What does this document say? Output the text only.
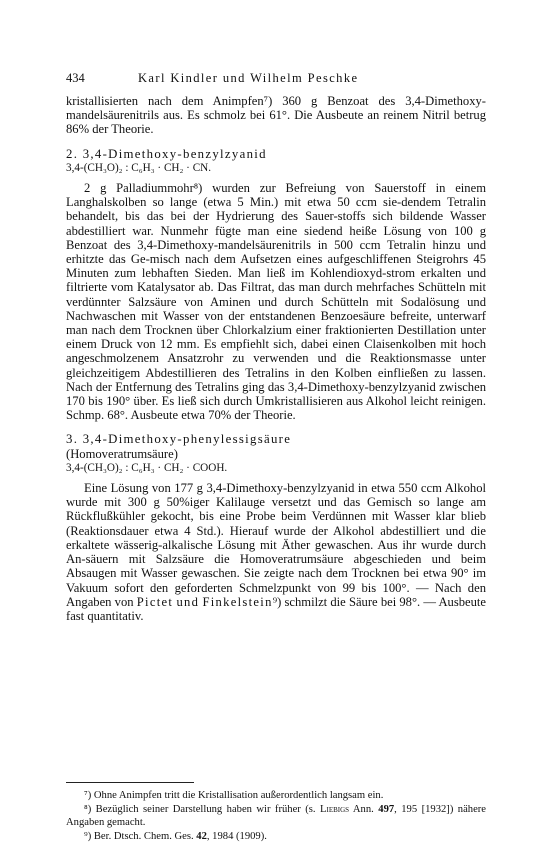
434	Karl Kindler und Wilhelm Peschke

kristallisierten nach dem Animpfen⁷) 360 g Benzoat des 3,4-Dimethoxy-mandelsäurenitrils aus. Es schmolz bei 61°. Die Ausbeute an reinem Nitril betrug 86% der Theorie.

2. 3,4-Dimethoxy-benzylzyanid

3,4-(CH₃O)₂ : C₆H₃ · CH₂ · CN.

2 g Palladiummohr⁸) wurden zur Befreiung von Sauerstoff in einem Langhalskolben so lange (etwa 5 Min.) mit etwa 50 ccm sie-dendem Tetralin behandelt, bis das bei der Hydrierung des Sauer-stoffs sich bildende Wasser abdestilliert war. Nunmehr fügte man eine siedend heiße Lösung von 100 g Benzoat des 3,4-Dimethoxy-mandelsäurenitrils in 500 ccm Tetralin hinzu und erhitzte das Ge-misch nach dem Aufsetzen eines aufgeschliffenen Steigrohrs 45 Minuten zum lebhaften Sieden. Man ließ im Kohlendioxyd-strom erkalten und filtrierte vom Katalysator ab. Das Filtrat, das man durch mehrfaches Schütteln mit verdünnter Salzsäure von Aminen und durch Schütteln mit Sodalösung und Nachwaschen mit Wasser von der entstandenen Benzoesäure befreite, unterwarf man nach dem Trocknen über Chlorkalzium einer fraktionierten Destillation unter einem Druck von 12 mm. Es empfiehlt sich, dabei einen Claisenkolben mit hoch angeschmolzenem Ansatzrohr zu verwenden und die Reaktionsmasse unter gleichzeitigem Abdestillieren des Tetralins in den Kolben einfließen zu lassen. Nach der Entfernung des Tetralins ging das 3,4-Dimethoxy-benzylzyanid zwischen 170 bis 190° über. Es ließ sich durch Umkristallisieren aus Alkohol leicht reinigen. Schmp. 68°. Ausbeute etwa 70% der Theorie.

3. 3,4-Dimethoxy-phenylessigsäure

(Homoveratrumsäure)

3,4-(CH₃O)₂ : C₆H₃ · CH₂ · COOH.

Eine Lösung von 177 g 3,4-Dimethoxy-benzylzyanid in etwa 550 ccm Alkohol wurde mit 300 g 50%iger Kalilauge versetzt und das Gemisch so lange am Rückflußkühler gekocht, bis eine Probe beim Verdünnen mit Wasser klar blieb (Reaktionsdauer etwa 4 Std.). Hierauf wurde der Alkohol abdestilliert und die erkaltete wässerig-alkalische Lösung mit Äther gewaschen. Aus ihr wurde durch An-säuern mit Salzsäure die Homoveratrumsäure abgeschieden und beim Absaugen mit Wasser gewaschen. Sie zeigte nach dem Trocknen bei etwa 90° im Vakuum sofort den geforderten Schmelzpunkt von 99 bis 100°. — Nach den Angaben von Pictet und Finkelstein⁹) schmilzt die Säure bei 98°. — Ausbeute fast quantitativ.

⁷) Ohne Animpfen tritt die Kristallisation außerordentlich langsam ein.

⁸) Bezüglich seiner Darstellung haben wir früher (s. Liebigs Ann. 497, 195 [1932]) nähere Angaben gemacht.

⁹) Ber. Dtsch. Chem. Ges. 42, 1984 (1909).
